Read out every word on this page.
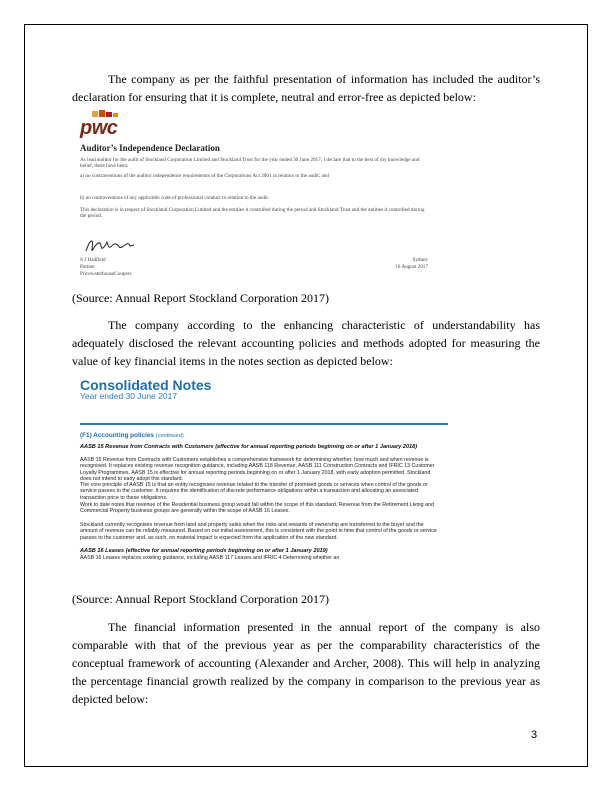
The company as per the faithful presentation of information has included the auditor’s declaration for ensuring that it is complete, neutral and error-free as depicted below:

pwc
Auditor’s Independence Declaration
As lead auditor for the audit of Stockland Corporation Limited and Stockland Trust for the year ended 30 June 2017, I declare that to the best of my knowledge and belief, there have been:
a) no contraventions of the auditor independence requirements of the Corporations Act 2001 in relation to the audit; and
b) no contraventions of any applicable code of professional conduct in relation to the audit.
This declaration is in respect of Stockland Corporation Limited and the entities it controlled during the period and Stockland Trust and the entities it controlled during the period.
S J Hadfield
Partner
PricewaterhouseCoopers
Sydney
16 August 2017

(Source: Annual Report Stockland Corporation 2017)

The company according to the enhancing characteristic of understandability has adequately disclosed the relevant accounting policies and methods adopted for measuring the value of key financial items in the notes section as depicted below:

Consolidated Notes
Year ended 30 June 2017
(F1) Accounting policies (continued)
AASB 15 Revenue from Contracts with Customers (effective for annual reporting periods beginning on or after 1 January 2018)
AASB 15 Revenue from Contracts with Customers establishes a comprehensive framework for determining whether, how much and when revenue is recognised. It replaces existing revenue recognition guidance, including AASB 118 Revenue, AASB 111 Construction Contracts and IFRIC 13 Customer Loyalty Programmes. AASB 15 is effective for annual reporting periods beginning on or after 1 January 2018, with early adoption permitted. Stockland does not intend to early adopt this standard.
The core principle of AASB 15 is that an entity recognises revenue related to the transfer of promised goods or services when control of the goods or service passes to the customer. It requires the identification of discrete performance obligations within a transaction and allocating an associated transaction price to these obligations.
Work to date notes that revenue of the Residential business group would fall within the scope of this standard. Revenue from the Retirement Living and Commercial Property business groups are generally within the scope of AASB 16 Leases.
Stockland currently recognises revenue from land and property sales when the risks and rewards of ownership are transferred to the buyer and the amount of revenue can be reliably measured. Based on our initial assessment, this is consistent with the point in time that control of the goods or service passes to the customer and, as such, no material impact is expected from the application of the new standard.
AASB 16 Leases (effective for annual reporting periods beginning on or after 1 January 2019)
AASB 16 Leases replaces existing guidance, including AASB 117 Leases and IFRIC 4 Determining whether an

(Source: Annual Report Stockland Corporation 2017)

The financial information presented in the annual report of the company is also comparable with that of the previous year as per the comparability characteristics of the conceptual framework of accounting (Alexander and Archer, 2008). This will help in analyzing the percentage financial growth realized by the company in comparison to the previous year as depicted below:

3
